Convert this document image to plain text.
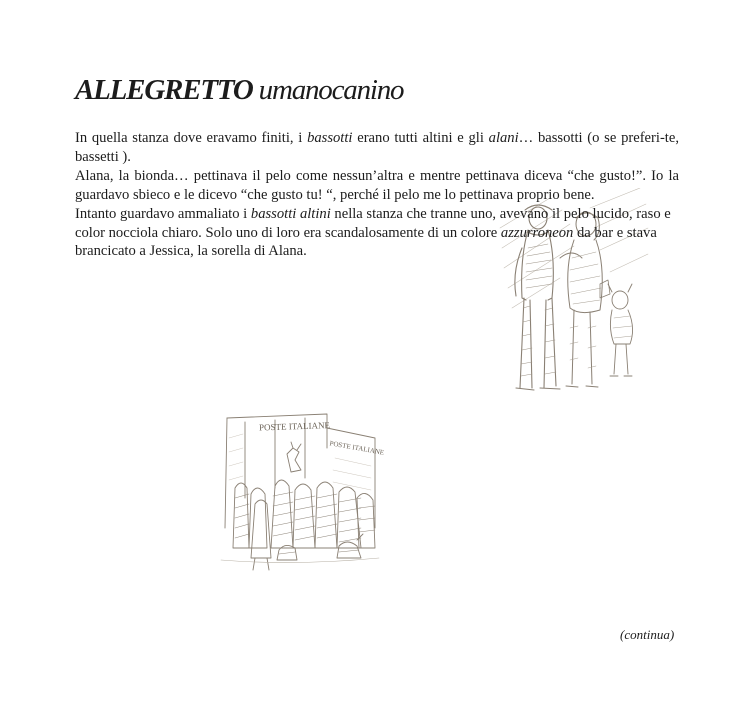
ALLEGRETTO umanocanino

In quella stanza dove eravamo finiti, i bassotti erano tutti altini e gli alani… bassotti (o se preferi-te, bassetti ).

Alana, la bionda… pettinava il pelo come nessun’altra e mentre pettinava diceva “che gusto!”. Io la guardavo sbieco e le dicevo “che gusto tu! “, perché il pelo me lo pettinava proprio bene.

Intanto guardavo ammaliato i bassotti altini nella stanza che tranne uno, avevano il pelo lucido, raso e color nocciola chiaro. Solo uno di loro era scandalosamente di un colore azzurroneon da bar e stava brancicato a Jessica, la sorella di Alana.

POSTE ITALIANE
POSTE ITALIANE
(continua)
